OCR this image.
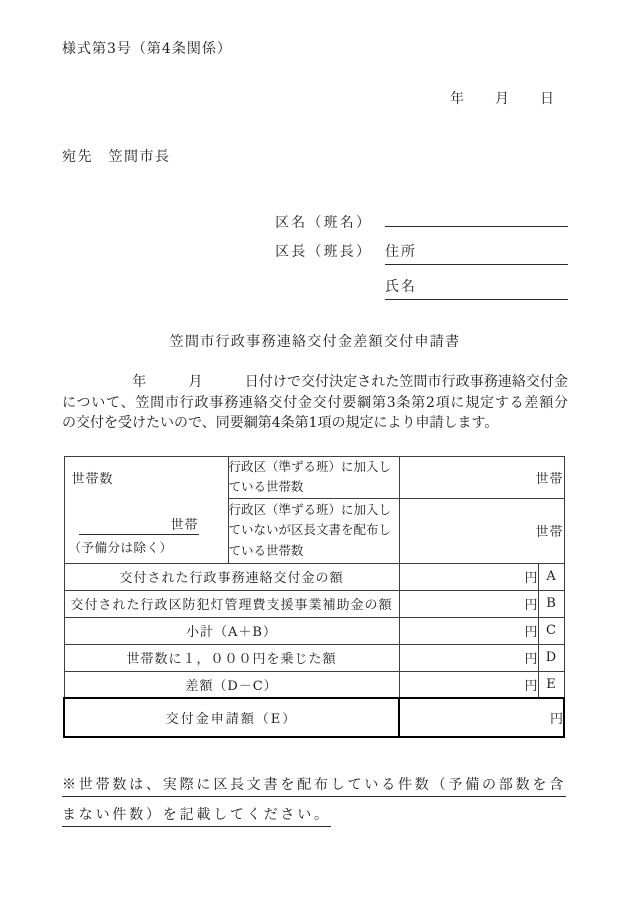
様式第3号（第4条関係）
年　　月　　日
宛先　笠間市長
区名（班名）
区長（班長） 住所
氏名
笠間市行政事務連絡交付金差額交付申請書
　　　　　年　　　月　　　日付けで交付決定された笠間市行政事務連絡交付金
について、笠間市行政事務連絡交付金交付要綱第3条第2項に規定する差額分
の交付を受けたいので、同要綱第4条第1項の規定により申請します。
世帯数
世帯
（予備分は除く）

行政区（準ずる班）に加入し
ている世帯数	世帯

	行政区（準ずる班）に加入し
ていないが区長文書を配布し
ている世帯数	世帯	
交付された行政事務連絡交付金の額		円	A
交付された行政区防犯灯管理費支援事業補助金の額		円	B
小計（A＋B）		円	C
世帯数に１，０００円を乗じた額		円	D
差額（D－C）		円	E
交付金申請額（E）		円	
※世帯数は、実際に区長文書を配布している件数（予備の部数を含
まない件数）を記載してください。
